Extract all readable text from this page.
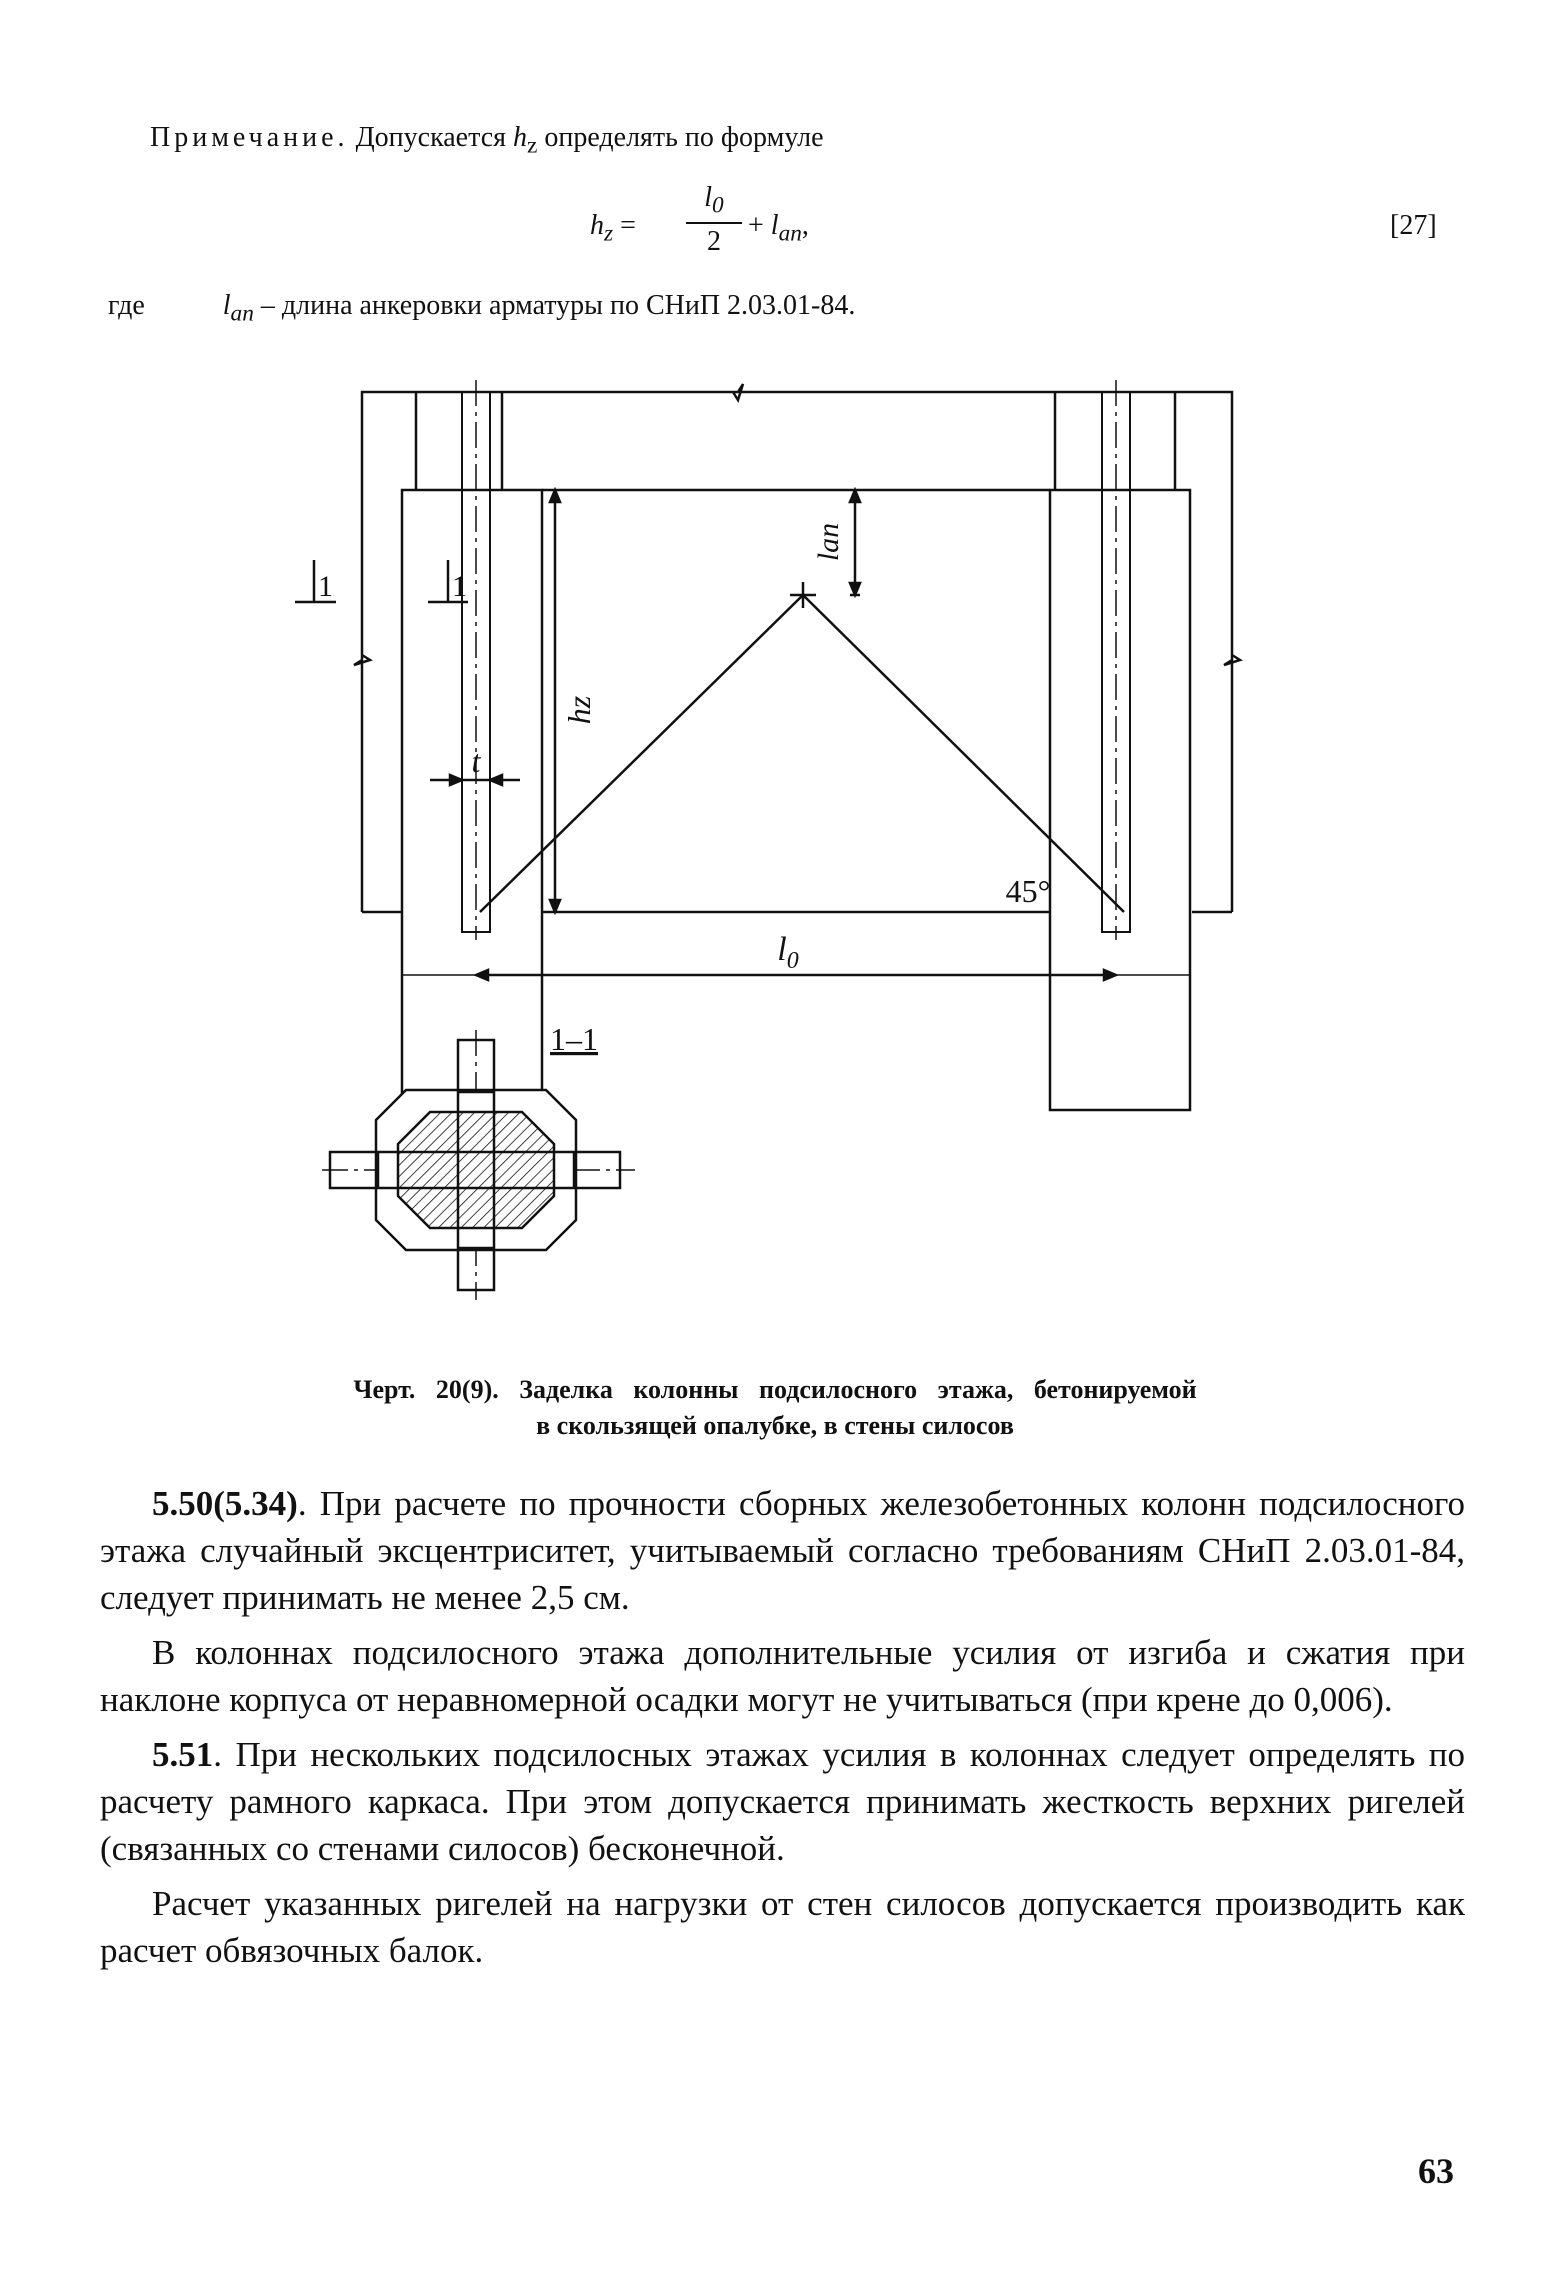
Примечание. Допускается $h_z$ определять по формуле
$h_z$ =
$l_0$
2
+ $l_{an}$,	[27]
где	$l_{an}$ – длина анкеровки арматуры по СНиП 2.03.01-84.
lan
hz
t
45°
$l_0$
1	1
1–1
Черт. 20(9). Заделка колонны подсилосного этажа, бетонируемой
в скользящей опалубке, в стены силосов

5.50(5.34). При расчете по прочности сборных железобетонных колонн подсилосного этажа случайный эксцентриситет, учитываемый согласно требованиям СНиП 2.03.01-84, следует принимать не менее 2,5 см.

В колоннах подсилосного этажа дополнительные усилия от изгиба и сжатия при наклоне корпуса от неравномерной осадки могут не учитываться (при крене до 0,006).

5.51. При нескольких подсилосных этажах усилия в колоннах следует определять по расчету рамного каркаса. При этом допускается принимать жесткость верхних ригелей (связанных со стенами силосов) бесконечной.

Расчет указанных ригелей на нагрузки от стен силосов допускается производить как расчет обвязочных балок.

63
